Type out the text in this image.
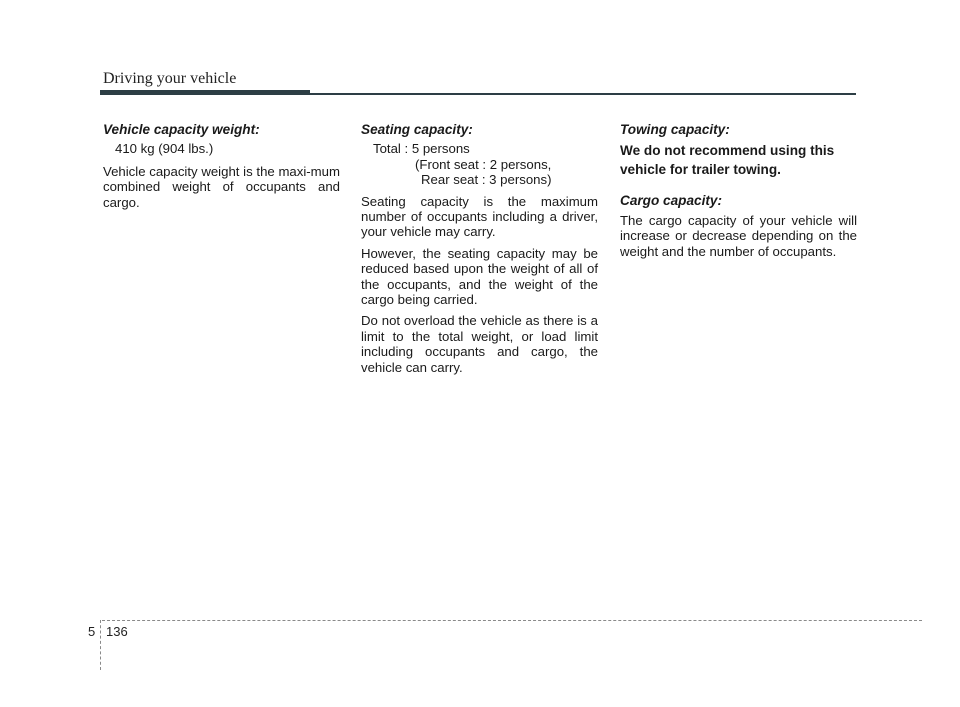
Driving your vehicle

Vehicle capacity weight:

410 kg (904 lbs.)

Vehicle capacity weight is the maxi-mum combined weight of occupants and cargo.

Seating capacity:

Total : 5 persons

(Front seat : 2 persons,

Rear seat : 3 persons)

Seating capacity is the maximum number of occupants including a driver, your vehicle may carry.

However, the seating capacity may be reduced based upon the weight of all of the occupants, and the weight of the cargo being carried.

Do not overload the vehicle as there is a limit to the total weight, or load limit including occupants and cargo, the vehicle can carry.

Towing capacity:

We do not recommend using this vehicle for trailer towing.

Cargo capacity:

The cargo capacity of your vehicle will increase or decrease depending on the weight and the number of occupants.

5 136
